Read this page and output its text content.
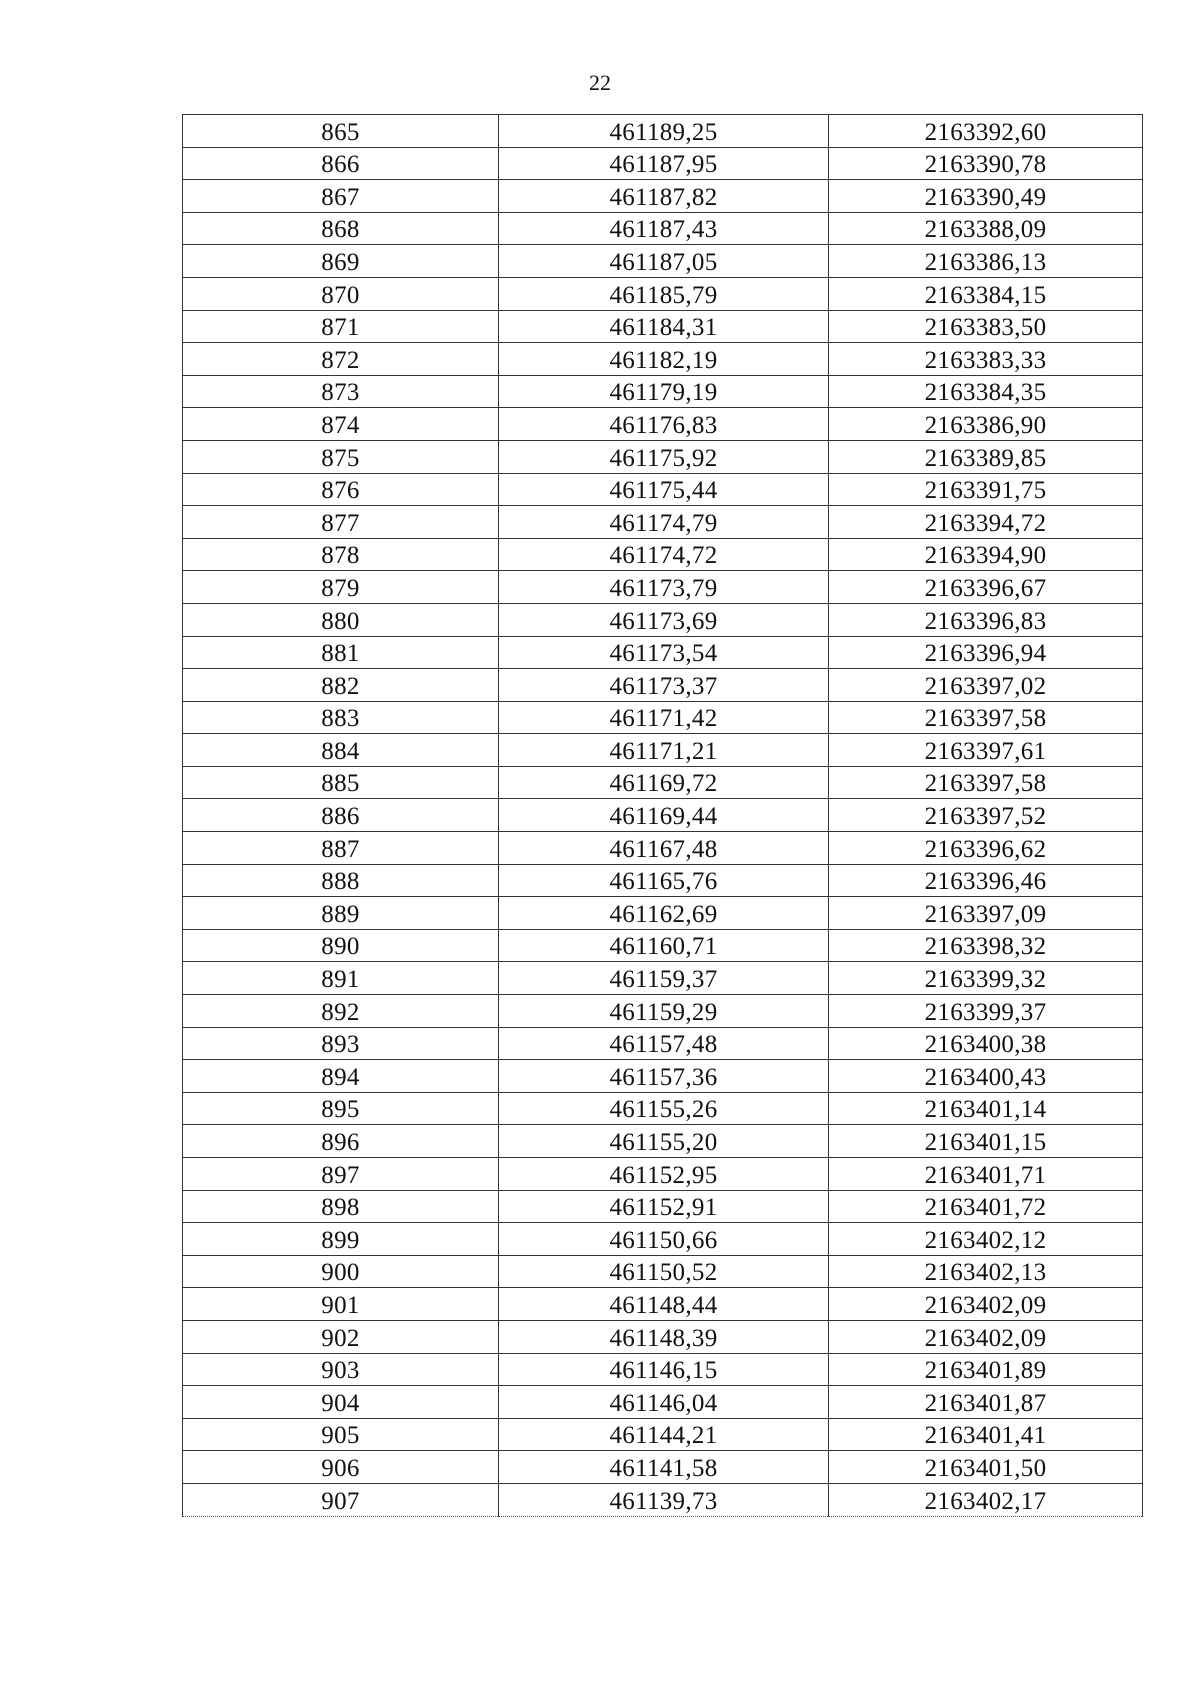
22
865	461189,25	2163392,60
866	461187,95	2163390,78
867	461187,82	2163390,49
868	461187,43	2163388,09
869	461187,05	2163386,13
870	461185,79	2163384,15
871	461184,31	2163383,50
872	461182,19	2163383,33
873	461179,19	2163384,35
874	461176,83	2163386,90
875	461175,92	2163389,85
876	461175,44	2163391,75
877	461174,79	2163394,72
878	461174,72	2163394,90
879	461173,79	2163396,67
880	461173,69	2163396,83
881	461173,54	2163396,94
882	461173,37	2163397,02
883	461171,42	2163397,58
884	461171,21	2163397,61
885	461169,72	2163397,58
886	461169,44	2163397,52
887	461167,48	2163396,62
888	461165,76	2163396,46
889	461162,69	2163397,09
890	461160,71	2163398,32
891	461159,37	2163399,32
892	461159,29	2163399,37
893	461157,48	2163400,38
894	461157,36	2163400,43
895	461155,26	2163401,14
896	461155,20	2163401,15
897	461152,95	2163401,71
898	461152,91	2163401,72
899	461150,66	2163402,12
900	461150,52	2163402,13
901	461148,44	2163402,09
902	461148,39	2163402,09
903	461146,15	2163401,89
904	461146,04	2163401,87
905	461144,21	2163401,41
906	461141,58	2163401,50
907	461139,73	2163402,17
